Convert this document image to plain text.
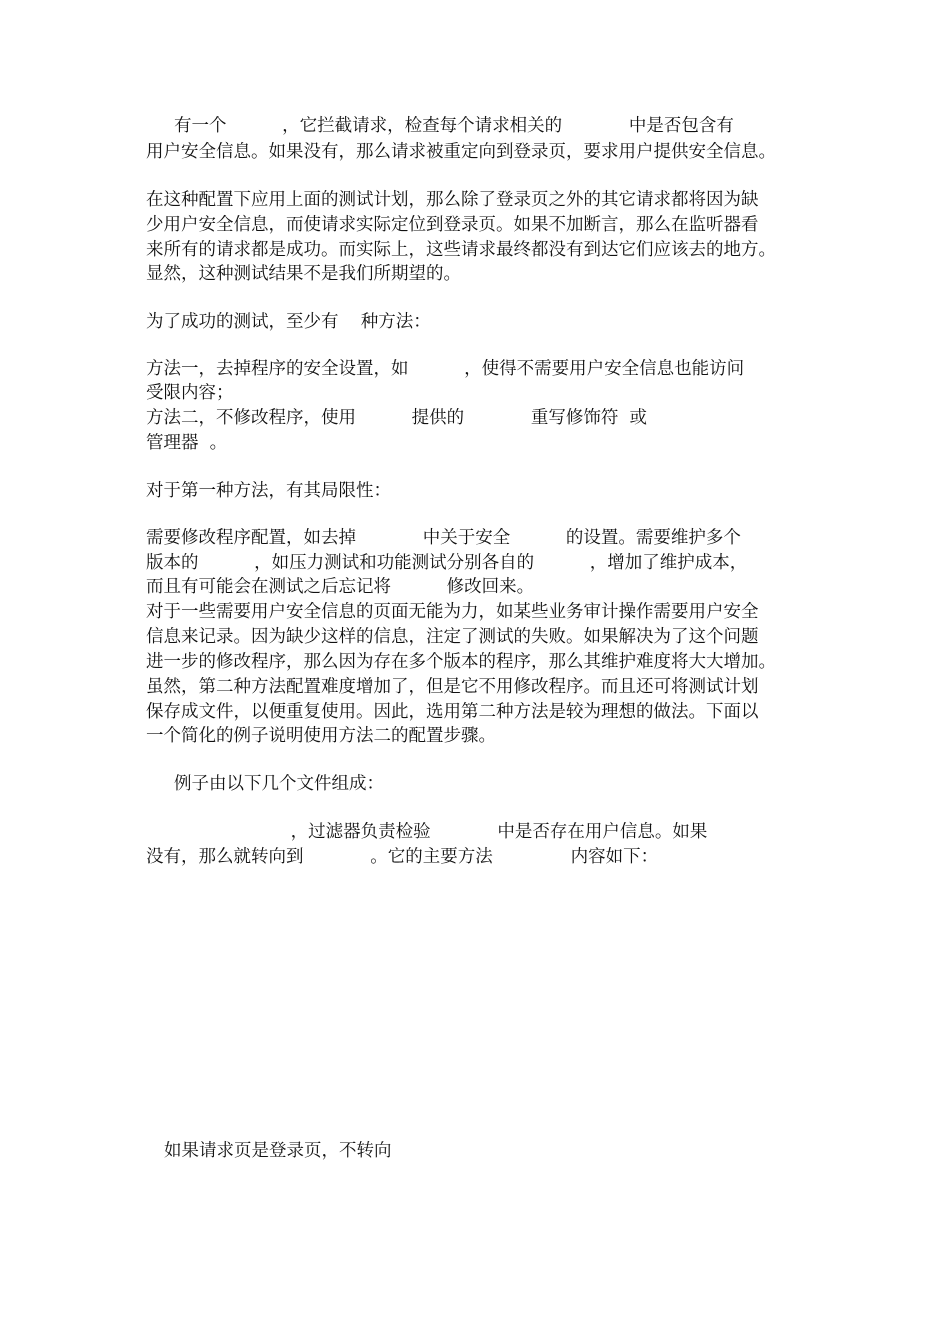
有一个          ，它拦截请求，检查每个请求相关的            中是否包含有

用户安全信息。如果没有，那么请求被重定向到登录页，要求用户提供安全信息。

在这种配置下应用上面的测试计划，那么除了登录页之外的其它请求都将因为缺

少用户安全信息，而使请求实际定位到登录页。如果不加断言，那么在监听器看

来所有的请求都是成功。而实际上，这些请求最终都没有到达它们应该去的地方。

显然，这种测试结果不是我们所期望的。

为了成功的测试，至少有    种方法：

方法一，去掉程序的安全设置，如          ，使得不需要用户安全信息也能访问

受限内容；

方法二，不修改程序，使用          提供的            重写修饰符  或

管理器  。

对于第一种方法，有其局限性：

需要修改程序配置，如去掉            中关于安全          的设置。需要维护多个

版本的          ，如压力测试和功能测试分别各自的          ，增加了维护成本，

而且有可能会在测试之后忘记将          修改回来。

对于一些需要用户安全信息的页面无能为力，如某些业务审计操作需要用户安全

信息来记录。因为缺少这样的信息，注定了测试的失败。如果解决为了这个问题

进一步的修改程序，那么因为存在多个版本的程序，那么其维护难度将大大增加。

虽然，第二种方法配置难度增加了，但是它不用修改程序。而且还可将测试计划

保存成文件，以便重复使用。因此，选用第二种方法是较为理想的做法。下面以

一个简化的例子说明使用方法二的配置步骤。

例子由以下几个文件组成：

，过滤器负责检验            中是否存在用户信息。如果

没有，那么就转向到            。它的主要方法              内容如下：

如果请求页是登录页，不转向
